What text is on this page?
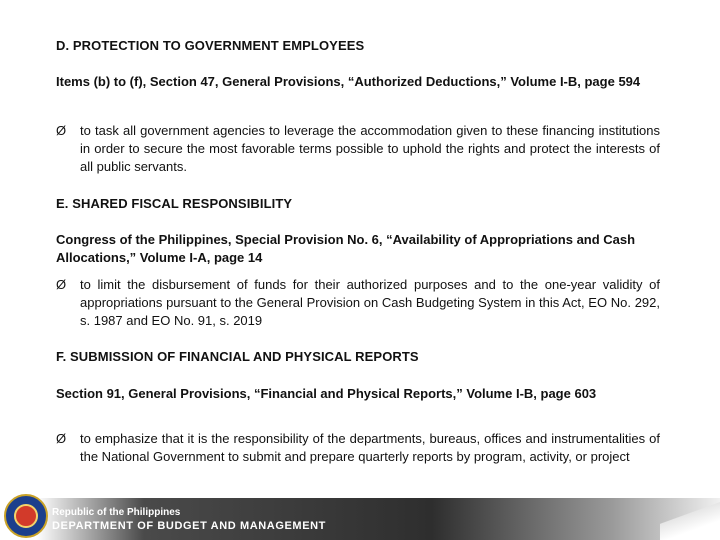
D. PROTECTION TO GOVERNMENT EMPLOYEES

Items (b) to (f), Section 47, General Provisions, “Authorized Deductions,” Volume I-B, page 594

Ø	to task all government agencies to leverage the accommodation given to these financing institutions in order to secure the most favorable terms possible to uphold the rights and protect the interests of all public servants.

E. SHARED FISCAL RESPONSIBILITY

Congress of the Philippines, Special Provision No. 6, “Availability of Appropriations and Cash Allocations,” Volume I-A, page 14

Ø	to limit the disbursement of funds for their authorized purposes and to the one-year validity of appropriations pursuant to the General Provision on Cash Budgeting System in this Act, EO No. 292, s. 1987 and EO No. 91, s. 2019

F. SUBMISSION OF FINANCIAL AND PHYSICAL REPORTS

Section 91, General Provisions, “Financial and Physical Reports,” Volume I-B, page 603

Ø	to emphasize that it is the responsibility of the departments, bureaus, offices and instrumentalities of the National Government to submit and prepare quarterly reports by program, activity, or project
Republic of the Philippines
DEPARTMENT OF BUDGET AND MANAGEMENT
